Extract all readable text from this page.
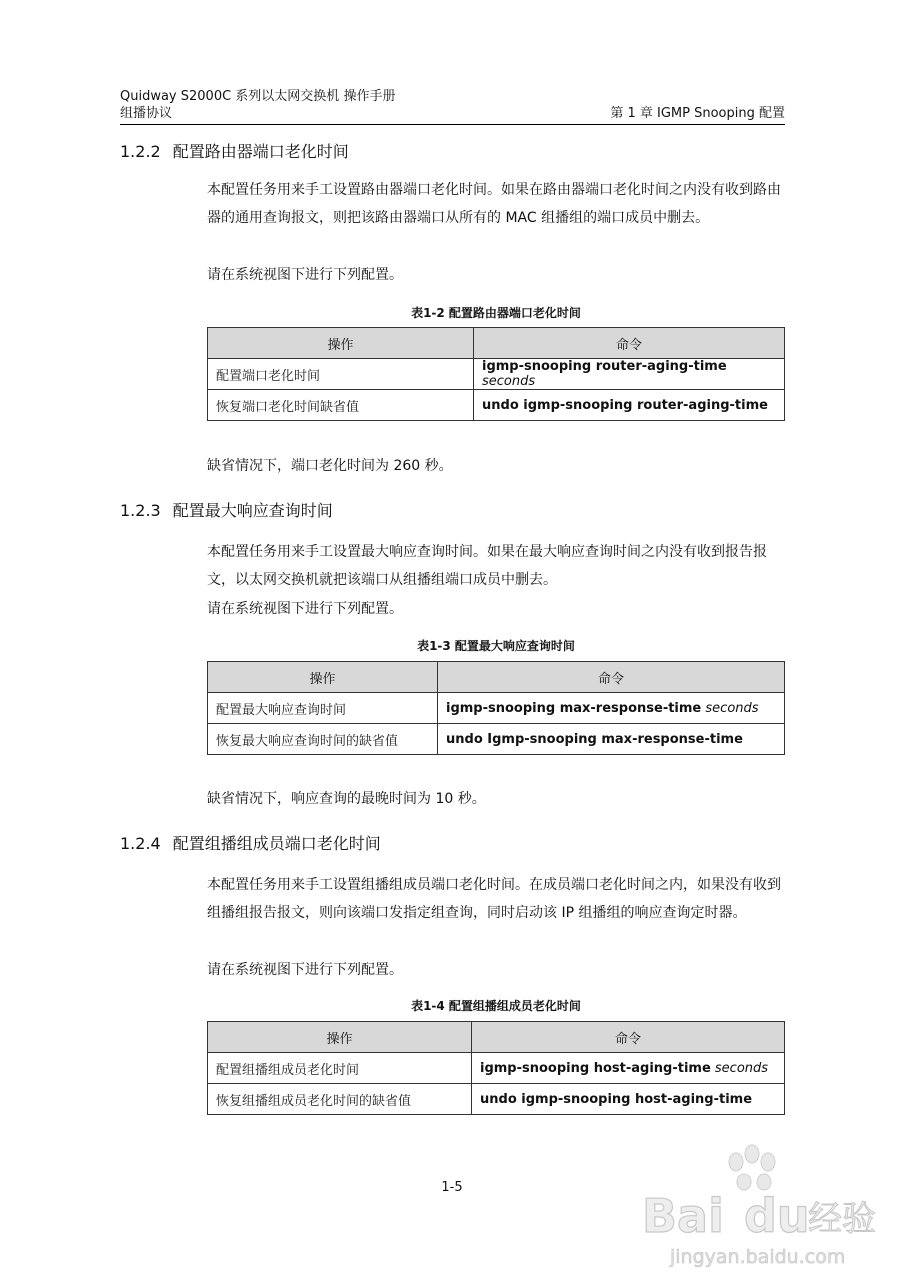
Quidway S2000C 系列以太网交换机 操作手册
组播协议	第 1 章 IGMP Snooping 配置
1.2.2 配置路由器端口老化时间

本配置任务用来手工设置路由器端口老化时间。如果在路由器端口老化时间之内没有收到路由器的通用查询报文，则把该路由器端口从所有的 MAC 组播组的端口成员中删去。

请在系统视图下进行下列配置。

表1-2 配置路由器端口老化时间
操作	命令
配置端口老化时间	igmp-snooping router-aging-time seconds
恢复端口老化时间缺省值	undo igmp-snooping router-aging-time

缺省情况下，端口老化时间为 260 秒。

1.2.3 配置最大响应查询时间

本配置任务用来手工设置最大响应查询时间。如果在最大响应查询时间之内没有收到报告报文，以太网交换机就把该端口从组播组端口成员中删去。

请在系统视图下进行下列配置。

表1-3 配置最大响应查询时间
操作	命令
配置最大响应查询时间	igmp-snooping max-response-time seconds
恢复最大响应查询时间的缺省值	undo Igmp-snooping max-response-time

缺省情况下，响应查询的最晚时间为 10 秒。

1.2.4 配置组播组成员端口老化时间

本配置任务用来手工设置组播组成员端口老化时间。在成员端口老化时间之内，如果没有收到组播组报告报文，则向该端口发指定组查询，同时启动该 IP 组播组的响应查询定时器。

请在系统视图下进行下列配置。

表1-4 配置组播组成员老化时间
操作	命令
配置组播组成员老化时间	igmp-snooping host-aging-time seconds
恢复组播组成员老化时间的缺省值	undo igmp-snooping host-aging-time
1-5
Bai du
经验
jingyan.baidu.com
